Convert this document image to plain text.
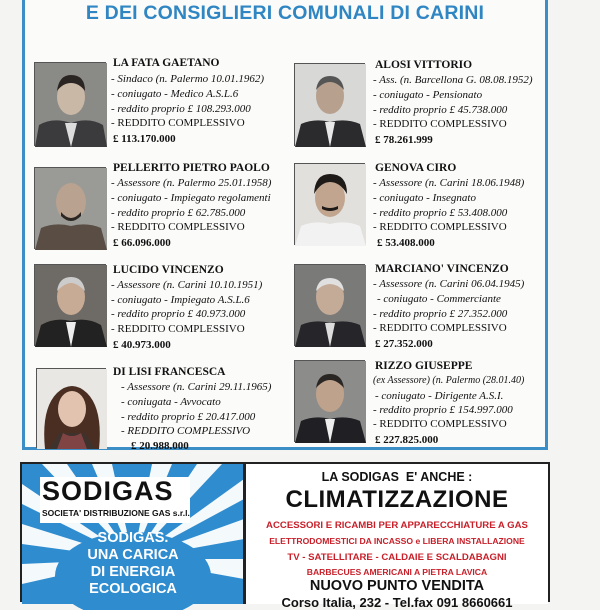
E DEI CONSIGLIERI COMUNALI DI CARINI
LA FATA GAETANO
- Sindaco (n. Palermo 10.01.1962)
- coniugato - Medico A.S.L.6
- reddito proprio £ 108.293.000
- REDDITO COMPLESSIVO
£ 113.170.000
PELLERITO PIETRO PAOLO
- Assessore (n. Palermo 25.01.1958)
- coniugato - Impiegato regolamenti
- reddito proprio £ 62.785.000
- REDDITO COMPLESSIVO
£ 66.096.000
LUCIDO VINCENZO
- Assessore (n. Carini 10.10.1951)
- coniugato - Impiegato A.S.L.6
- reddito proprio £ 40.973.000
- REDDITO COMPLESSIVO
£ 40.973.000
DI LISI FRANCESCA
- Assessore (n. Carini 29.11.1965)
- coniugata - Avvocato
- reddito proprio £ 20.417.000
- REDDITO COMPLESSIVO
£ 20.988.000
ALOSI VITTORIO
- Ass. (n. Barcellona G. 08.08.1952)
- coniugato - Pensionato
- reddito proprio £ 45.738.000
- REDDITO COMPLESSIVO
£ 78.261.999
GENOVA CIRO
- Assessore (n. Carini 18.06.1948)
- coniugato - Insegnato
- reddito proprio £ 53.408.000
- REDDITO COMPLESSIVO
£ 53.408.000
MARCIANO' VINCENZO
- Assessore (n. Carini 06.04.1945)
- coniugato - Commerciante
- reddito proprio £ 27.352.000
- REDDITO COMPLESSIVO
£ 27.352.000
RIZZO GIUSEPPE
(ex Assessore) (n. Palermo (28.01.40)
- coniugato - Dirigente A.S.I.
- reddito proprio £ 154.997.000
- REDDITO COMPLESSIVO
£ 227.825.000
SODIGAS
SOCIETA' DISTRIBUZIONE GAS s.r.l.
SODIGAS.
UNA CARICA
DI ENERGIA
ECOLOGICA
LA SODIGAS  E' ANCHE :
CLIMATIZZAZIONE
ACCESSORI E RICAMBI PER APPARECCHIATURE A GAS
ELETTRODOMESTICI DA INCASSO e LIBERA INSTALLAZIONE
TV - SATELLITARE - CALDAIE E SCALDABAGNI
BARBECUES AMERICANI A PIETRA LAVICA
NUOVO PUNTO VENDITA
Corso Italia, 232 - Tel.fax 091 8660661
